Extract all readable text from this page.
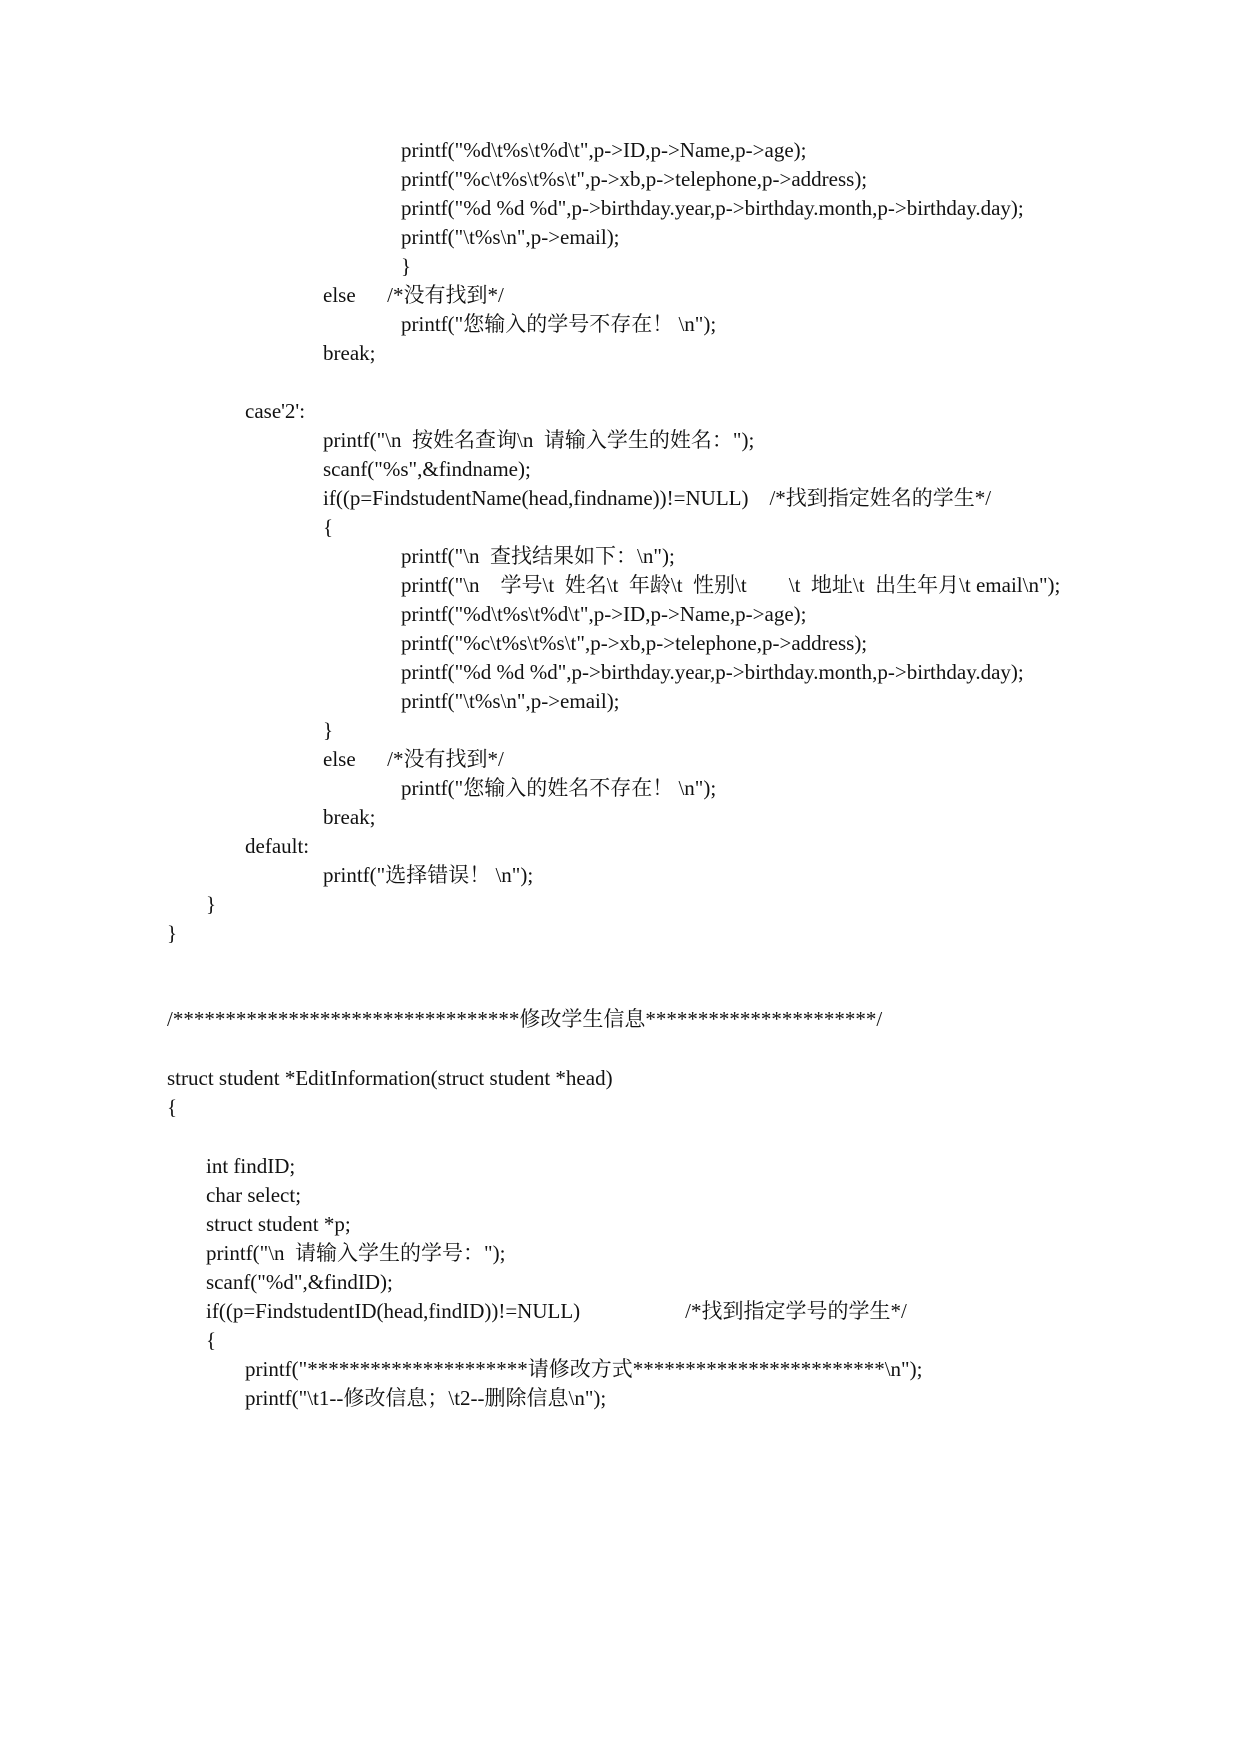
printf("%d\t%s\t%d\t",p->ID,p->Name,p->age);
printf("%c\t%s\t%s\t",p->xb,p->telephone,p->address);
printf("%d %d %d",p->birthday.year,p->birthday.month,p->birthday.day);
printf("\t%s\n",p->email);
}
else      /*没有找到*/
printf("您输入的学号不存在！ \n");
break;
case'2':
printf("\n  按姓名查询\n  请输入学生的姓名：");
scanf("%s",&findname);
if((p=FindstudentName(head,findname))!=NULL)    /*找到指定姓名的学生*/
{
printf("\n  查找结果如下：\n");
printf("\n    学号\t  姓名\t  年龄\t  性别\t        \t  地址\t  出生年月\t email\n");
printf("%d\t%s\t%d\t",p->ID,p->Name,p->age);
printf("%c\t%s\t%s\t",p->xb,p->telephone,p->address);
printf("%d %d %d",p->birthday.year,p->birthday.month,p->birthday.day);
printf("\t%s\n",p->email);
}
else      /*没有找到*/
printf("您输入的姓名不存在！ \n");
break;
default:
printf("选择错误！ \n");
}
}
/*********************************修改学生信息**********************/
struct student *EditInformation(struct student *head)
{
int findID;
char select;
struct student *p;
printf("\n  请输入学生的学号：");
scanf("%d",&findID);
if((p=FindstudentID(head,findID))!=NULL)                    /*找到指定学号的学生*/
{
printf("*********************请修改方式************************\n");
printf("\t1--修改信息；\t2--删除信息\n");
